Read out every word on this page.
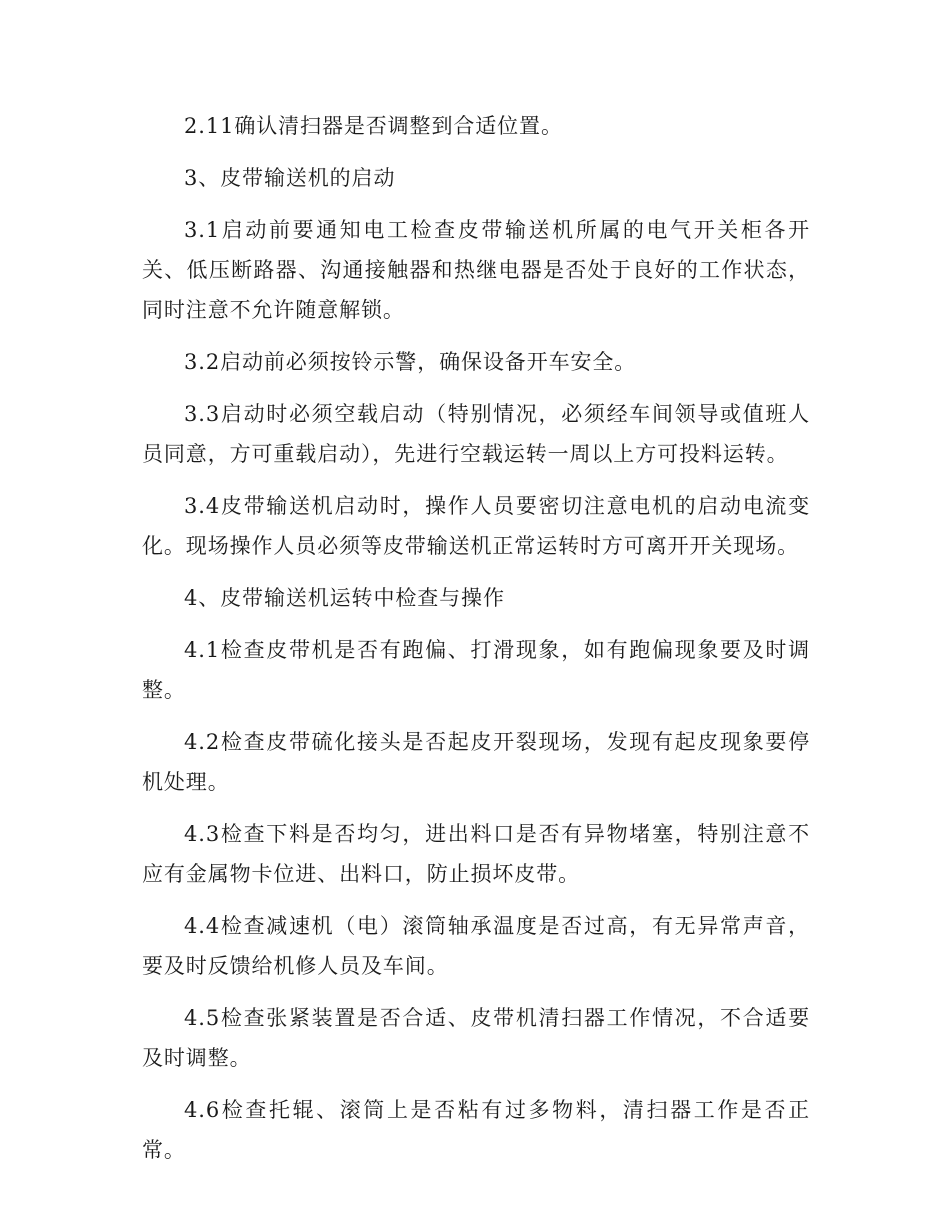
2.11确认清扫器是否调整到合适位置。

3、皮带输送机的启动

3.1启动前要通知电工检查皮带输送机所属的电气开关柜各开关、低压断路器、沟通接触器和热继电器是否处于良好的工作状态，同时注意不允许随意解锁。

3.2启动前必须按铃示警，确保设备开车安全。

3.3启动时必须空载启动（特别情况，必须经车间领导或值班人员同意，方可重载启动），先进行空载运转一周以上方可投料运转。

3.4皮带输送机启动时，操作人员要密切注意电机的启动电流变化。现场操作人员必须等皮带输送机正常运转时方可离开开关现场。

4、皮带输送机运转中检查与操作

4.1检查皮带机是否有跑偏、打滑现象，如有跑偏现象要及时调整。

4.2检查皮带硫化接头是否起皮开裂现场，发现有起皮现象要停机处理。

4.3检查下料是否均匀，进出料口是否有异物堵塞，特别注意不应有金属物卡位进、出料口，防止损坏皮带。

4.4检查减速机（电）滚筒轴承温度是否过高，有无异常声音，要及时反馈给机修人员及车间。

4.5检查张紧装置是否合适、皮带机清扫器工作情况，不合适要及时调整。

4.6检查托辊、滚筒上是否粘有过多物料，清扫器工作是否正常。
